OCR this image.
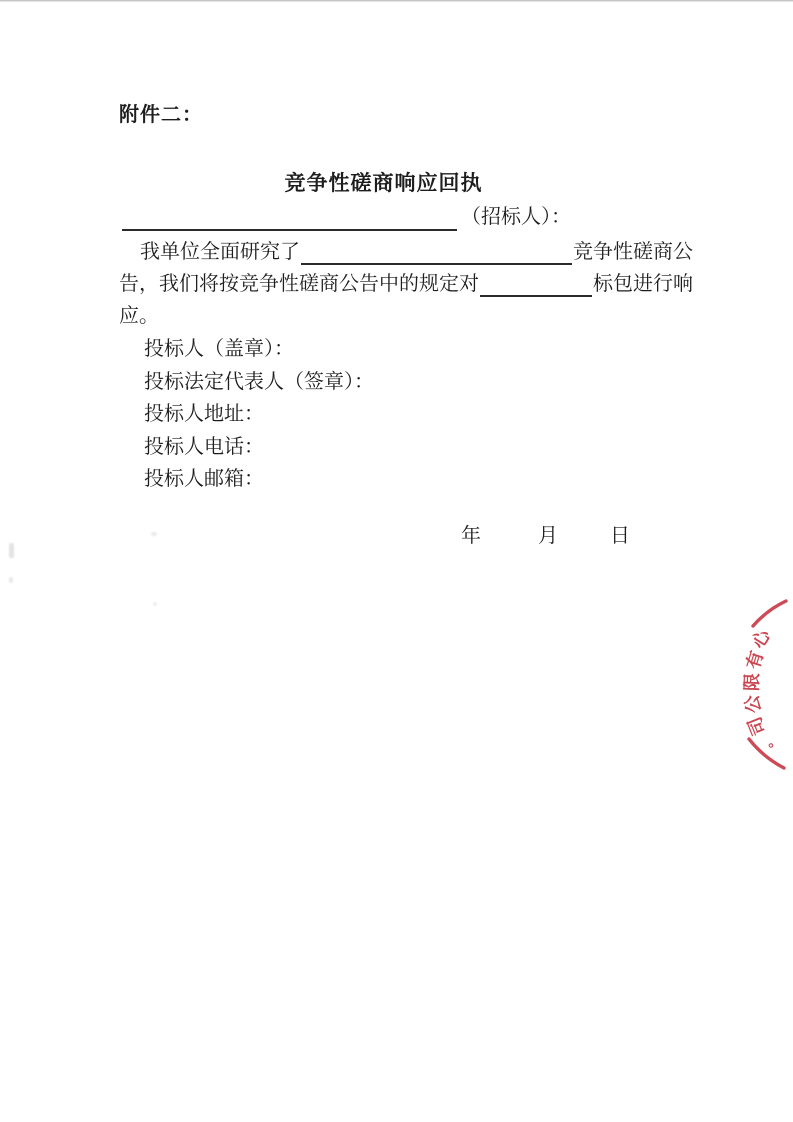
附件二：
竞争性磋商响应回执
（招标人）：
我单位全面研究了	竞争性磋商公
告，我们将按竞争性磋商公告中的规定对	标包进行响
应。
投标人（盖章）：
投标法定代表人（签章）：
投标人地址：
投标人电话：
投标人邮箱：
年	月	日
心
有
限
公
司
。
